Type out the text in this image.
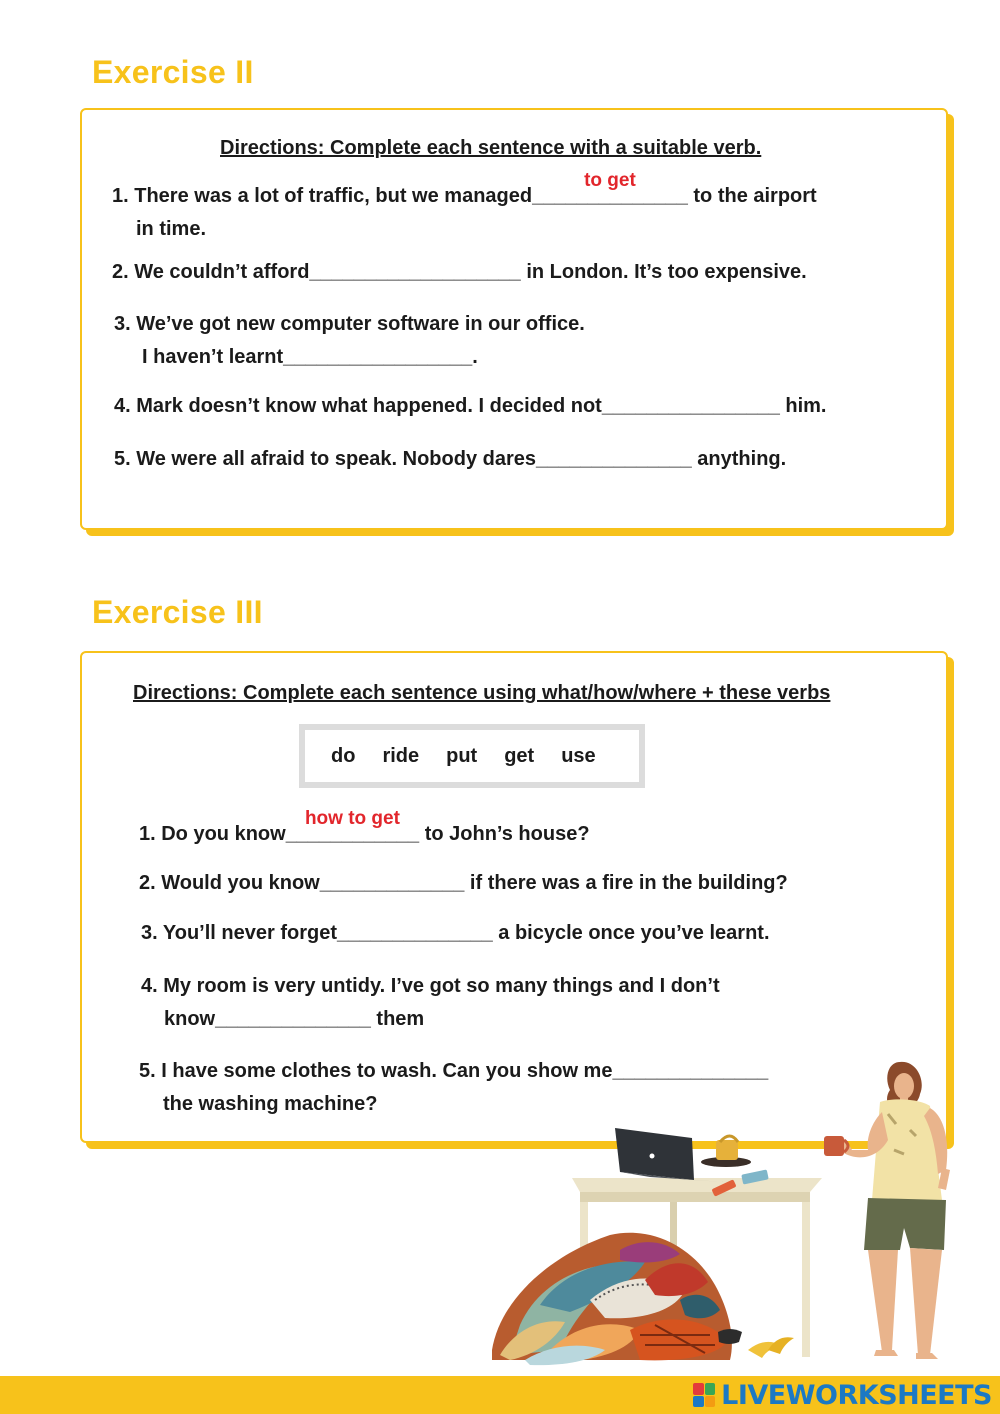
Exercise II
Directions: Complete each sentence with a suitable verb.
1. There was a lot of traffic, but we managed______________
to get
to the airport
in time.
2. We couldn’t afford___________________ in London. It’s too expensive.
3. We’ve got new computer software in our office.
I haven’t learnt_________________.
4. Mark doesn’t know what happened. I decided not________________ him.
5. We were all afraid to speak. Nobody dares______________ anything.
Exercise III
Directions: Complete each sentence using what/how/where + these verbs
do ride put get use
1. Do you know____________
how to get
to John’s house?
2. Would you know_____________ if there was a fire in the building?
3. You’ll never forget______________ a bicycle once you’ve learnt.
4. My room is very untidy. I’ve got so many things and I don’t
know______________ them
5. I have some clothes to wash. Can you show me______________
the washing machine?
LIVEWORKSHEETS
